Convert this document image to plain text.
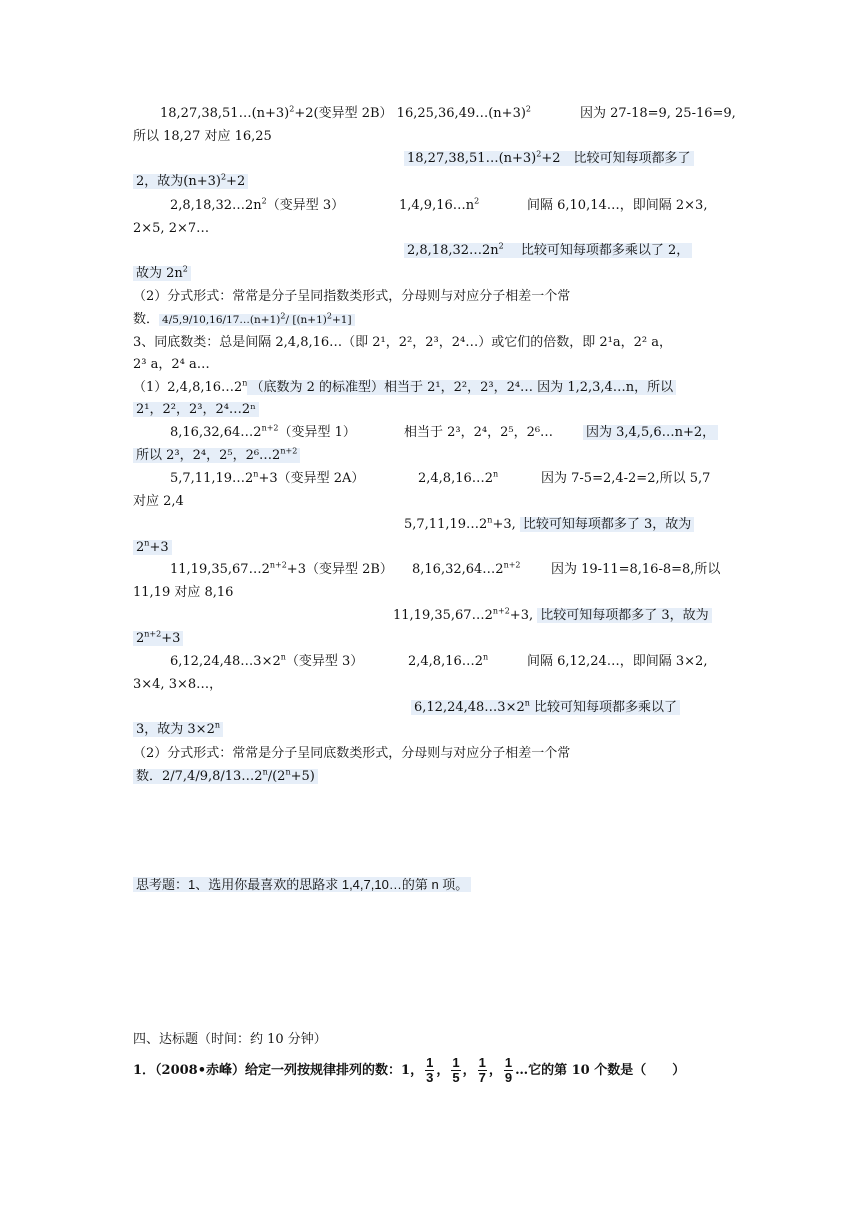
$18,27,38,51\dots(n+3)^2+2$(变异型 2B） $16,25,36,49\dots(n+3)^2$	因为 27-18=9, 25-16=9,
所以 18,27 对应 16,25
$18,27,38,51\dots(n+3)^2+2$　 比较可知每项都多了
2，故为$(n+3)^2+2$
$2,8,18,32\dots 2n^2$（变异型 3）	$1,4,9,16\dots n^2$	间隔 6,10,14…，即间隔 2×3,
2×5, 2×7…
$2,8,18,32\dots 2n^2$　 比较可知每项都多乘以了 2，
故为 $2n^2$
（2）分式形式：常常是分子呈同指数类形式，分母则与对应分子相差一个常
数． $4/5,9/10,16/17\dots(n+1)^2/$ $[(n+1)^2+1]$
3、同底数类：总是间隔 2,4,8,16…（即 2¹，2²，2³，2⁴…）或它们的倍数，即 2¹a，2² a，
2³ a，2⁴ a…
（1）2,4,8,16…2$^n$ （底数为 2 的标准型）相当于 2¹，2²，2³，2⁴… 因为 1,2,3,4…n，所以
2¹，2²，2³，2⁴…2ⁿ
$8,16,32,64\dots 2^{n+2}$（变异型 1）	相当于 2³，2⁴，2⁵，2⁶…	因为 3,4,5,6…n+2，
所以 2³，2⁴，2⁵，$2^6\dots 2^{n+2}$
$5,7,11,19\dots 2^n+3$（变异型 2A）	2,4,8,16…2$^n$	因为 7-5=2,4-2=2,所以 5,7
对应 2,4
$5,7,11,19\dots 2^n+3$, 比较可知每项都多了 3，故为
$2^n+3$
$11,19,35,67\dots 2^{n+2}+3$（变异型 2B） $8,16,32,64\dots 2^{n+2}$ 因为 19-11=8,16-8=8,所以
11,19 对应 8,16
$11,19,35,67\dots 2^{n+2}+3$, 比较可知每项都多了 3，故为
$2^{n+2}+3$
$6,12,24,48\dots 3\times 2^n$（变异型 3）	2,4,8,16…2$^n$	间隔 6,12,24…，即间隔 3×2,
3×4, 3×8…，
$6,12,24,48\dots 3\times 2^n$ 比较可知每项都多乘以了
3，故为 $3\times 2^n$
（2）分式形式：常常是分子呈同底数类形式，分母则与对应分子相差一个常
数．$2/7,4/9,8/13\dots 2^n/(2^n+5)$
思考题：1、选用你最喜欢的思路求 1,4,7,10…的第 n 项。
四、达标题（时间：约 10 分钟）
1．（2008•赤峰）给定一列按规律排列的数：1， $\frac{1}{3}$ ， $\frac{1}{5}$ ， $\frac{1}{7}$ ， $\frac{1}{9}$ …它的第 10 个数是（　　）
